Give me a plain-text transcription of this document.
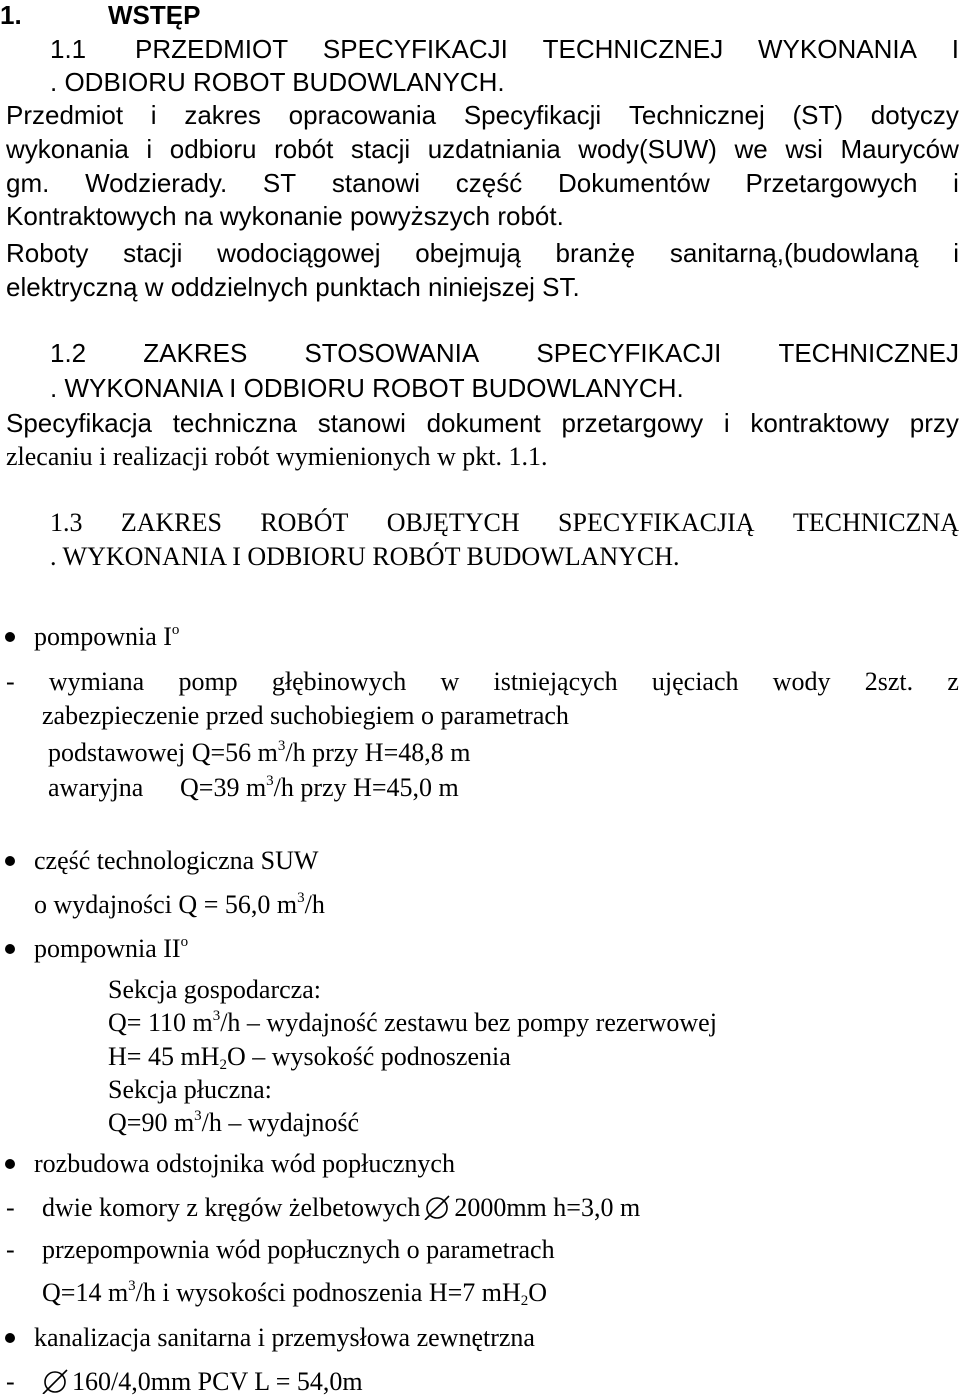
1.	WSTĘP
1.1 PRZEDMIOT SPECYFIKACJI TECHNICZNEJ WYKONANIA I
. ODBIORU ROBOT BUDOWLANYCH.
Przedmiot i zakres opracowania Specyfikacji Technicznej (ST) dotyczy
wykonania i odbioru robót stacji uzdatniania wody(SUW) we wsi Mauryców
gm. Wodzierady. ST stanowi część Dokumentów Przetargowych i
Kontraktowych na wykonanie powyższych robót.
Roboty stacji wodociągowej obejmują branżę sanitarną,(budowlaną i
elektryczną w oddzielnych punktach niniejszej ST.
1.2 ZAKRES STOSOWANIA SPECYFIKACJI TECHNICZNEJ
. WYKONANIA I ODBIORU ROBOT BUDOWLANYCH.
Specyfikacja techniczna stanowi dokument przetargowy i kontraktowy przy
zlecaniu i realizacji robót wymienionych w pkt. 1.1.
1.3 ZAKRES ROBÓT OBJĘTYCH SPECYFIKACJIĄ TECHNICZNĄ
. WYKONANIA I ODBIORU ROBÓT BUDOWLANYCH.
pompownia $I^o$
- wymiana pomp głębinowych w istniejących ujęciach wody 2szt. z
zabezpieczenie przed suchobiegiem o parametrach
podstawowej Q=56 $m^3/h$ przy H=48,8 m
awaryjna Q=39 $m^3/h$ przy H=45,0 m
część technologiczna SUW
o wydajności Q = 56,0 $m^3/h$
pompownia $II^o$
Sekcja gospodarcza:
Q= 110 $m^3/h$ – wydajność zestawu bez pompy rezerwowej
H= 45 $mH_2O$ – wysokość podnoszenia
Sekcja płuczna:
Q=90 $m^3/h$ – wydajność
rozbudowa odstojnika wód popłucznych
- dwie komory z kręgów żelbetowych 2000mm h=3,0 m
- przepompownia wód popłucznych o parametrach
Q=14 $m^3/h$ i wysokości podnoszenia H=7 $mH_2O$
kanalizacja sanitarna i przemysłowa zewnętrzna
-	160/4,0mm PCV L = 54,0m
